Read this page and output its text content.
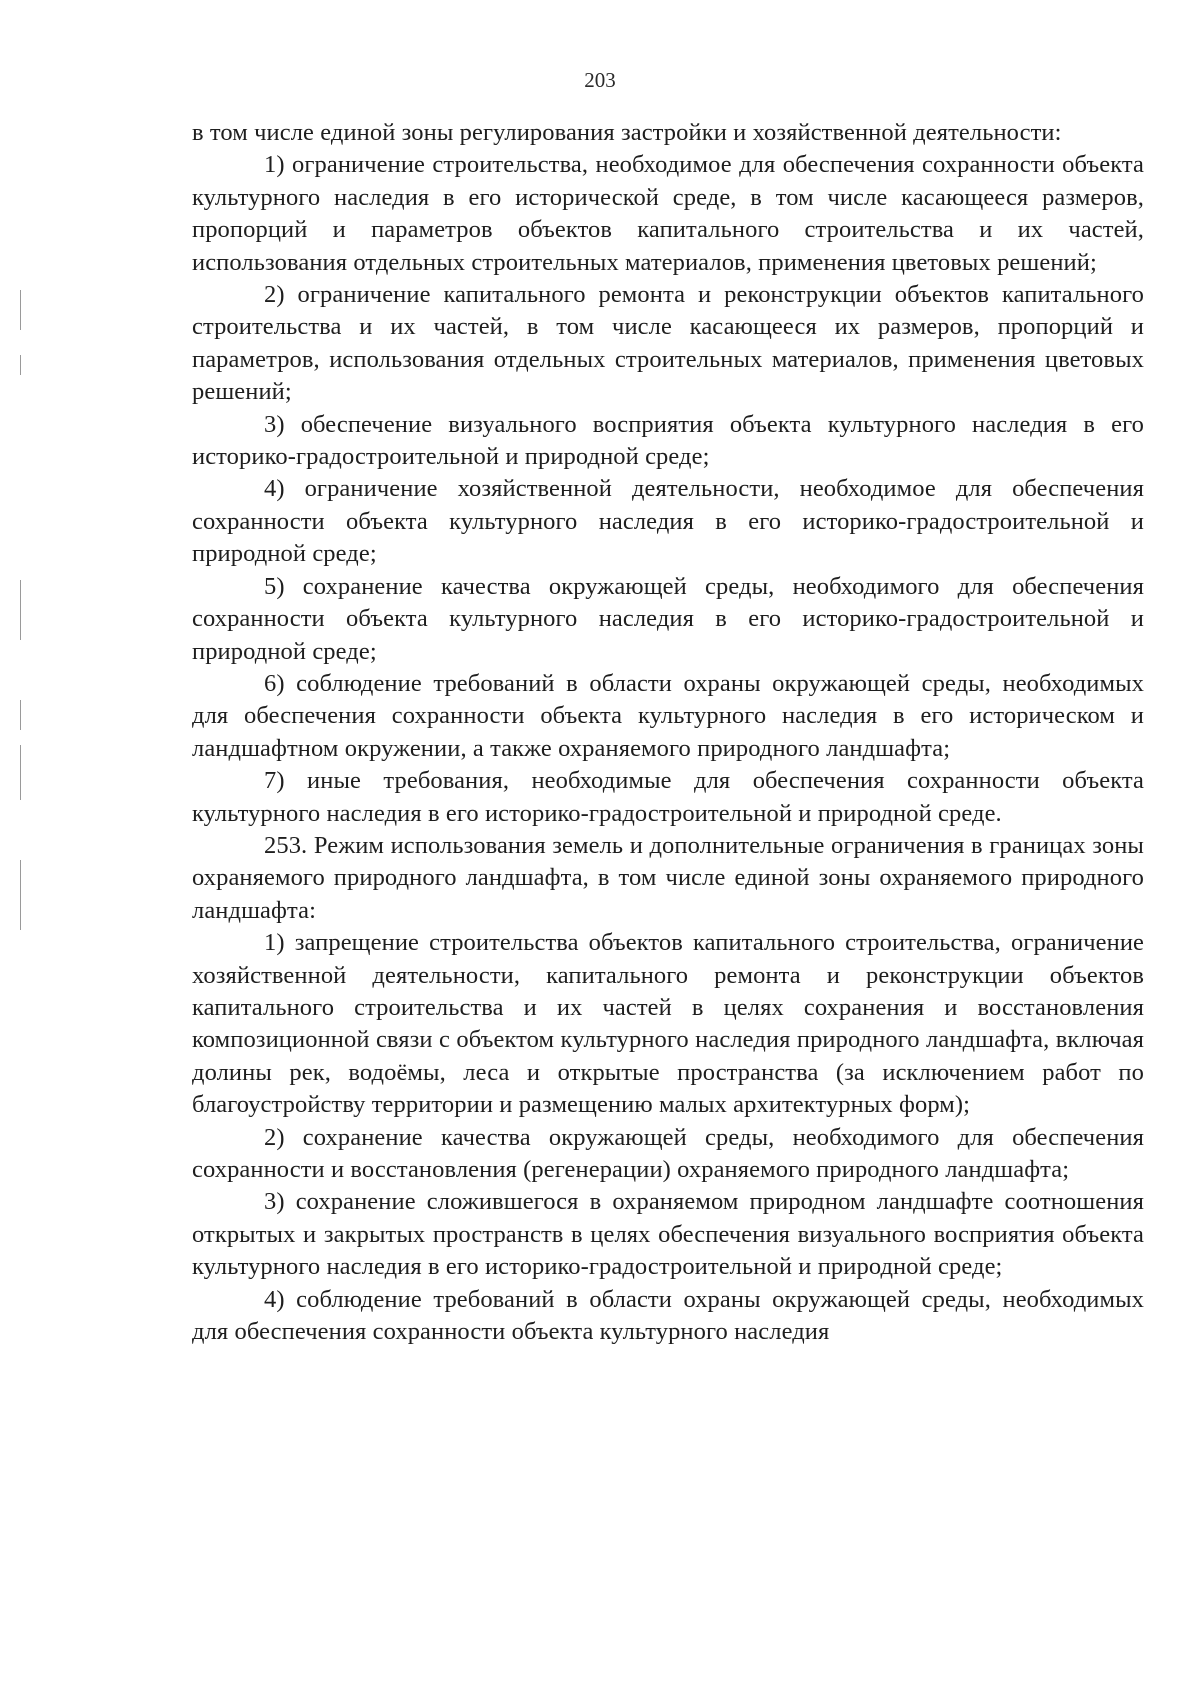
203

в том числе единой зоны регулирования застройки и хозяйственной деятельности:

1) ограничение строительства, необходимое для обеспечения сохранности объекта культурного наследия в его исторической среде, в том числе касающееся размеров, пропорций и параметров объектов капитального строительства и их частей, использования отдельных строительных материалов, применения цветовых решений;

2) ограничение капитального ремонта и реконструкции объектов капитального строительства и их частей, в том числе касающееся их размеров, пропорций и параметров, использования отдельных строительных материалов, применения цветовых решений;

3) обеспечение визуального восприятия объекта культурного наследия в его историко-градостроительной и природной среде;

4) ограничение хозяйственной деятельности, необходимое для обеспечения сохранности объекта культурного наследия в его историко-градостроительной и природной среде;

5) сохранение качества окружающей среды, необходимого для обеспечения сохранности объекта культурного наследия в его историко-градостроительной и природной среде;

6) соблюдение требований в области охраны окружающей среды, необходимых для обеспечения сохранности объекта культурного наследия в его историческом и ландшафтном окружении, а также охраняемого природного ландшафта;

7) иные требования, необходимые для обеспечения сохранности объекта культурного наследия в его историко-градостроительной и природной среде.

253. Режим использования земель и дополнительные ограничения в границах зоны охраняемого природного ландшафта, в том числе единой зоны охраняемого природного ландшафта:

1) запрещение строительства объектов капитального строительства, ограничение хозяйственной деятельности, капитального ремонта и реконструкции объектов капитального строительства и их частей в целях сохранения и восстановления композиционной связи с объектом культурного наследия природного ландшафта, включая долины рек, водоёмы, леса и открытые пространства (за исключением работ по благоустройству территории и размещению малых архитектурных форм);

2) сохранение качества окружающей среды, необходимого для обеспечения сохранности и восстановления (регенерации) охраняемого природного ландшафта;

3) сохранение сложившегося в охраняемом природном ландшафте соотношения открытых и закрытых пространств в целях обеспечения визуального восприятия объекта культурного наследия в его историко-градостроительной и природной среде;

4) соблюдение требований в области охраны окружающей среды, необходимых для обеспечения сохранности объекта культурного наследия
